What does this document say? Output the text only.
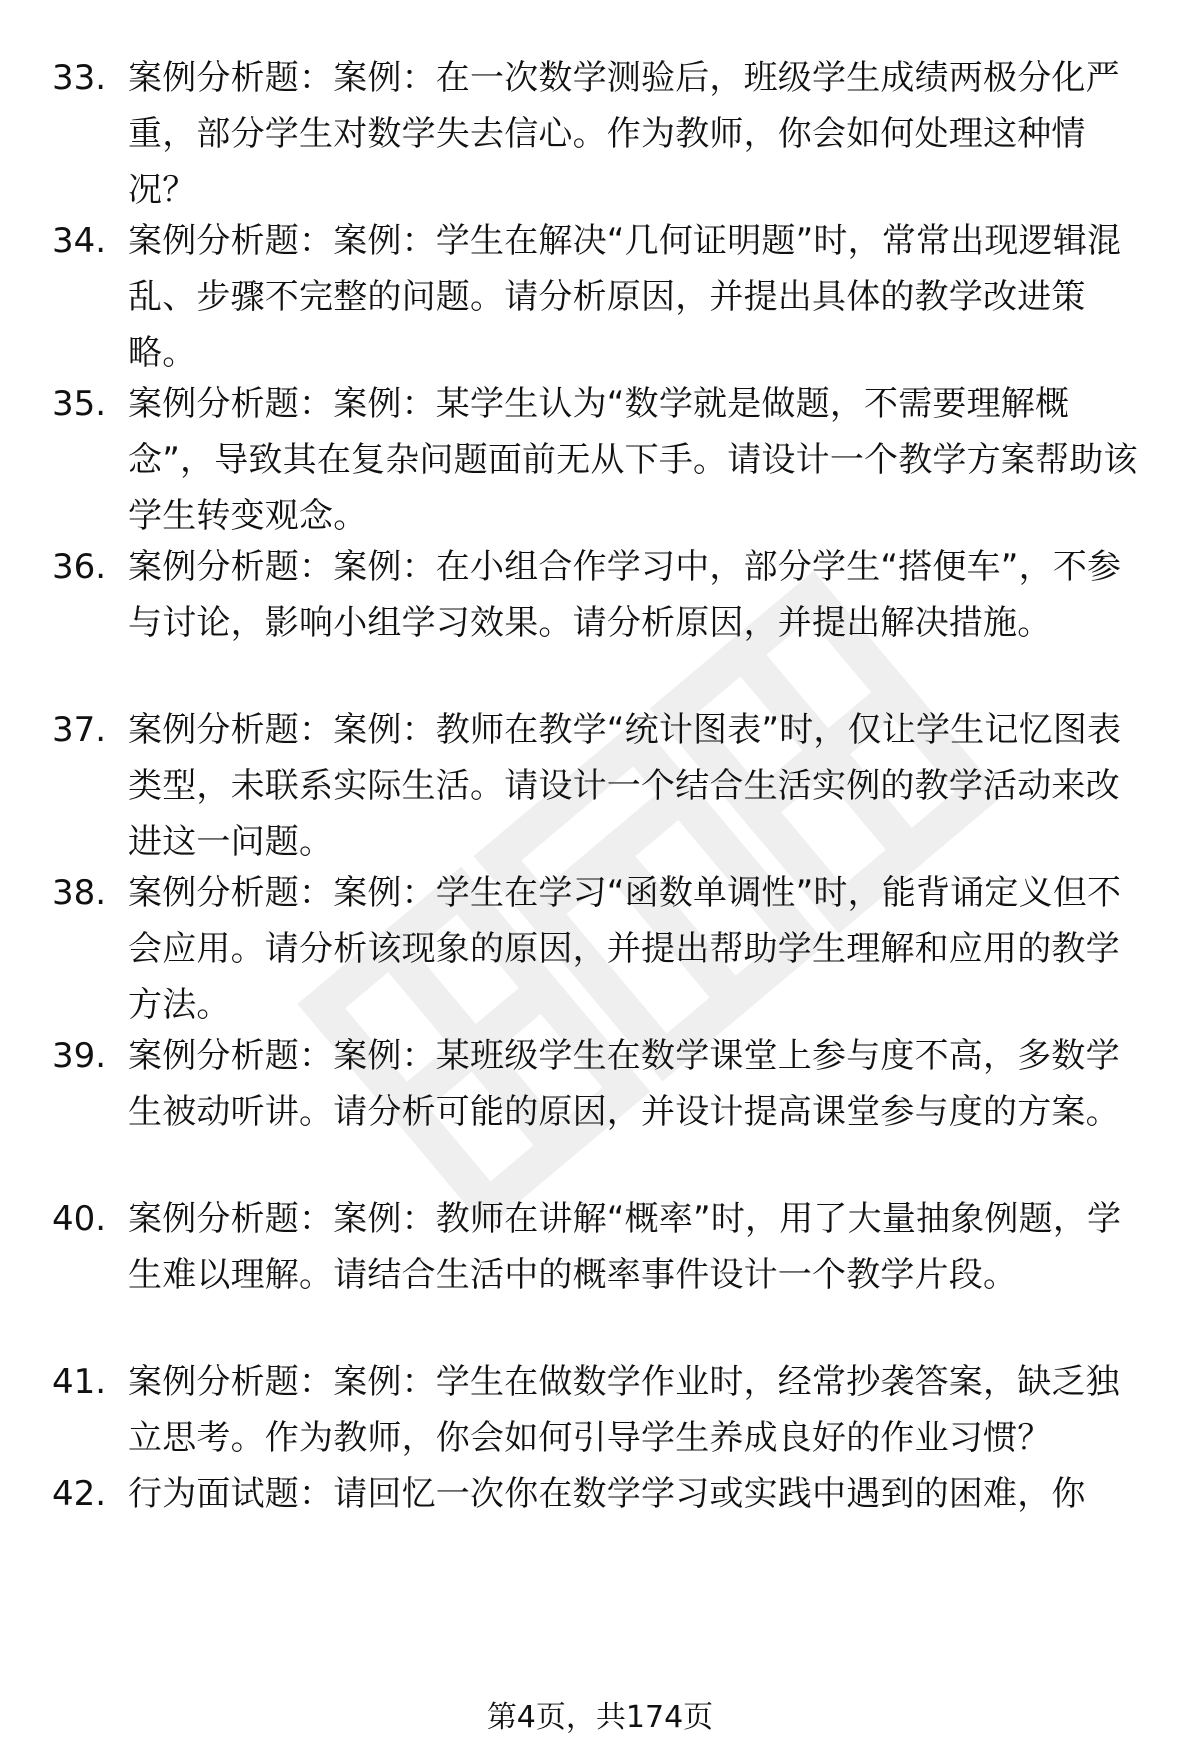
33. 案例分析题：案例：在一次数学测验后，班级学生成绩两极分化严重，部分学生对数学失去信心。作为教师，你会如何处理这种情况？
34. 案例分析题：案例：学生在解决“几何证明题”时，常常出现逻辑混乱、步骤不完整的问题。请分析原因，并提出具体的教学改进策略。
35. 案例分析题：案例：某学生认为“数学就是做题，不需要理解概念”，导致其在复杂问题面前无从下手。请设计一个教学方案帮助该学生转变观念。
36. 案例分析题：案例：在小组合作学习中，部分学生“搭便车”，不参与讨论，影响小组学习效果。请分析原因，并提出解决措施。
37. 案例分析题：案例：教师在教学“统计图表”时，仅让学生记忆图表类型，未联系实际生活。请设计一个结合生活实例的教学活动来改进这一问题。
38. 案例分析题：案例：学生在学习“函数单调性”时，能背诵定义但不会应用。请分析该现象的原因，并提出帮助学生理解和应用的教学方法。
39. 案例分析题：案例：某班级学生在数学课堂上参与度不高，多数学生被动听讲。请分析可能的原因，并设计提高课堂参与度的方案。
40. 案例分析题：案例：教师在讲解“概率”时，用了大量抽象例题，学生难以理解。请结合生活中的概率事件设计一个教学片段。
41. 案例分析题：案例：学生在做数学作业时，经常抄袭答案，缺乏独立思考。作为教师，你会如何引导学生养成良好的作业习惯？
42. 行为面试题：请回忆一次你在数学学习或实践中遇到的困难，你
第4页，共174页
